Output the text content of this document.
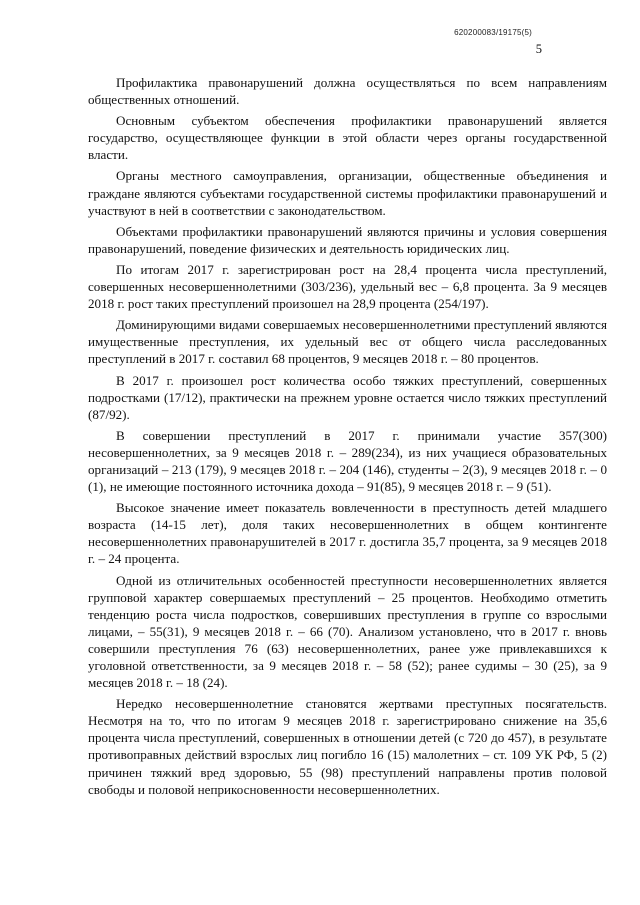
620200083/19175(5)
5

Профилактика правонарушений должна осуществляться по всем направлениям общественных отношений.

Основным субъектом обеспечения профилактики правонарушений является государство, осуществляющее функции в этой области через органы государственной власти.

Органы местного самоуправления, организации, общественные объединения и граждане являются субъектами государственной системы профилактики правонарушений и участвуют в ней в соответствии с законодательством.

Объектами профилактики правонарушений являются причины и условия совершения правонарушений, поведение физических и деятельность юридических лиц.

По итогам 2017 г. зарегистрирован рост на 28,4 процента числа преступлений, совершенных несовершеннолетними (303/236), удельный вес – 6,8 процента. За 9 месяцев 2018 г. рост таких преступлений произошел на 28,9 процента (254/197).

Доминирующими видами совершаемых несовершеннолетними преступлений являются имущественные преступления, их удельный вес от общего числа расследованных преступлений в 2017 г. составил 68 процентов, 9 месяцев 2018 г. – 80 процентов.

В 2017 г. произошел рост количества особо тяжких преступлений, совершенных подростками (17/12), практически на прежнем уровне остается число тяжких преступлений (87/92).

В совершении преступлений в 2017 г. принимали участие 357(300) несовершеннолетних, за 9 месяцев 2018 г. – 289(234), из них учащиеся образовательных организаций – 213 (179), 9 месяцев 2018 г. – 204 (146), студенты – 2(3), 9 месяцев 2018 г. – 0 (1), не имеющие постоянного источника дохода – 91(85), 9 месяцев 2018 г. – 9 (51).

Высокое значение имеет показатель вовлеченности в преступность детей младшего возраста (14-15 лет), доля таких несовершеннолетних в общем контингенте несовершеннолетних правонарушителей в 2017 г. достигла 35,7 процента, за 9 месяцев 2018 г. – 24 процента.

Одной из отличительных особенностей преступности несовершеннолетних является групповой характер совершаемых преступлений – 25 процентов. Необходимо отметить тенденцию роста числа подростков, совершивших преступления в группе со взрослыми лицами, – 55(31), 9 месяцев 2018 г. – 66 (70). Анализом установлено, что в 2017 г. вновь совершили преступления 76 (63) несовершеннолетних, ранее уже привлекавшихся к уголовной ответственности, за 9 месяцев 2018 г. – 58 (52); ранее судимы – 30 (25), за 9 месяцев 2018 г. – 18 (24).

Нередко несовершеннолетние становятся жертвами преступных посягательств. Несмотря на то, что по итогам 9 месяцев 2018 г. зарегистрировано снижение на 35,6 процента числа преступлений, совершенных в отношении детей (с 720 до 457), в результате противоправных действий взрослых лиц погибло 16 (15) малолетних – ст. 109 УК РФ, 5 (2) причинен тяжкий вред здоровью, 55 (98) преступлений направлены против половой свободы и половой неприкосновенности несовершеннолетних.
